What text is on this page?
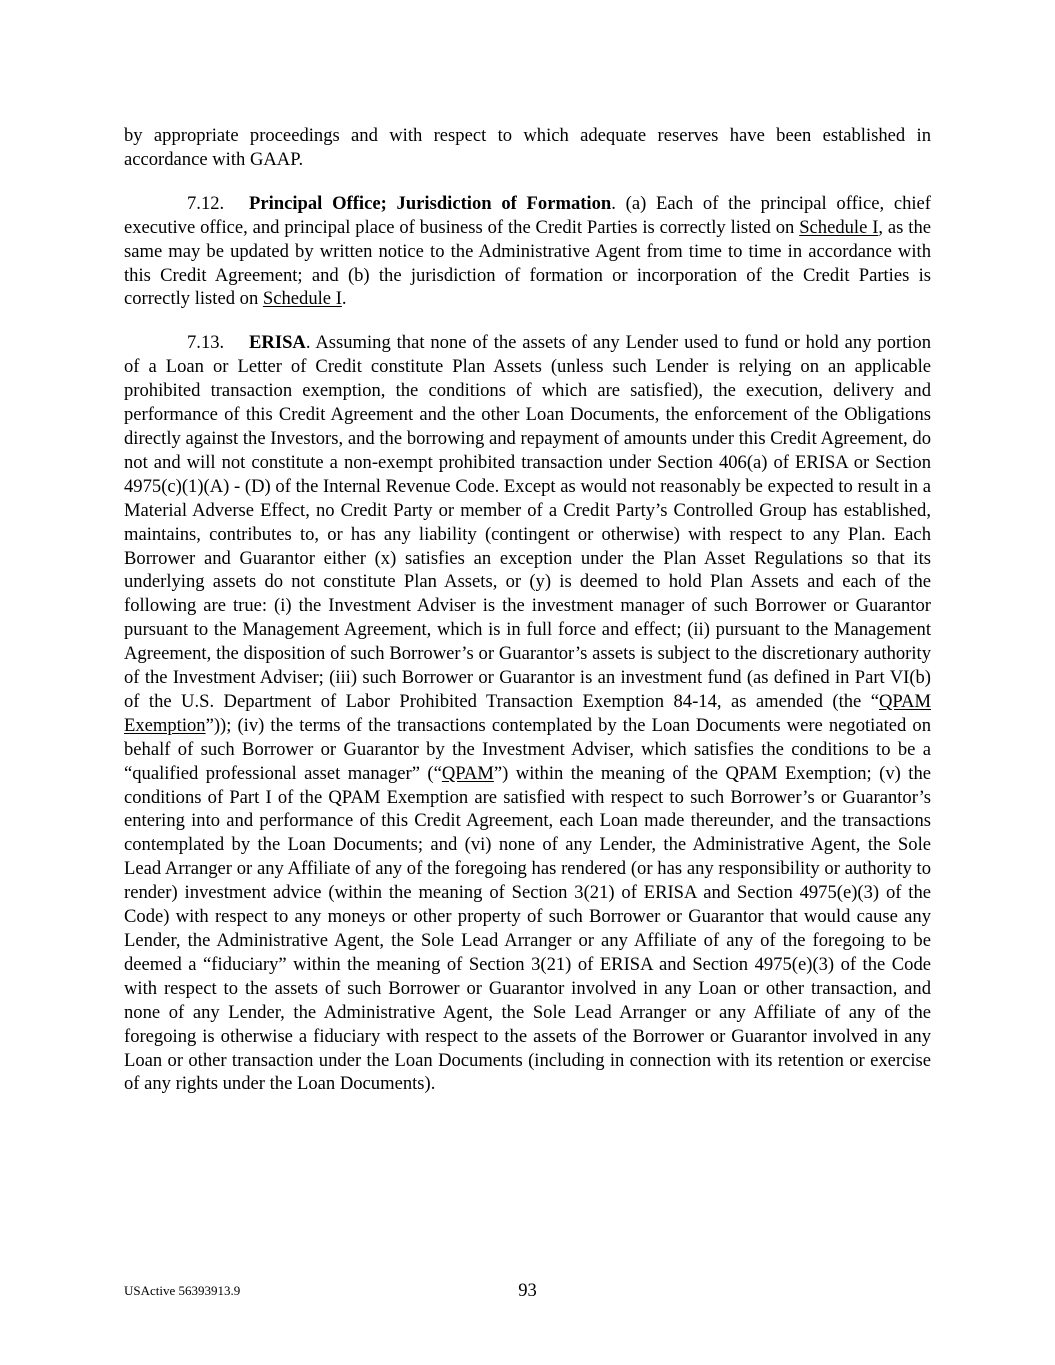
by appropriate proceedings and with respect to which adequate reserves have been established in accordance with GAAP.

7.12. Principal Office; Jurisdiction of Formation. (a) Each of the principal office, chief executive office, and principal place of business of the Credit Parties is correctly listed on Schedule I, as the same may be updated by written notice to the Administrative Agent from time to time in accordance with this Credit Agreement; and (b) the jurisdiction of formation or incorporation of the Credit Parties is correctly listed on Schedule I.

7.13. ERISA. Assuming that none of the assets of any Lender used to fund or hold any portion of a Loan or Letter of Credit constitute Plan Assets (unless such Lender is relying on an applicable prohibited transaction exemption, the conditions of which are satisfied), the execution, delivery and performance of this Credit Agreement and the other Loan Documents, the enforcement of the Obligations directly against the Investors, and the borrowing and repayment of amounts under this Credit Agreement, do not and will not constitute a non-exempt prohibited transaction under Section 406(a) of ERISA or Section 4975(c)(1)(A) - (D) of the Internal Revenue Code. Except as would not reasonably be expected to result in a Material Adverse Effect, no Credit Party or member of a Credit Party’s Controlled Group has established, maintains, contributes to, or has any liability (contingent or otherwise) with respect to any Plan. Each Borrower and Guarantor either (x) satisfies an exception under the Plan Asset Regulations so that its underlying assets do not constitute Plan Assets, or (y) is deemed to hold Plan Assets and each of the following are true: (i) the Investment Adviser is the investment manager of such Borrower or Guarantor pursuant to the Management Agreement, which is in full force and effect; (ii) pursuant to the Management Agreement, the disposition of such Borrower’s or Guarantor’s assets is subject to the discretionary authority of the Investment Adviser; (iii) such Borrower or Guarantor is an investment fund (as defined in Part VI(b) of the U.S. Department of Labor Prohibited Transaction Exemption 84-14, as amended (the “QPAM Exemption”)); (iv) the terms of the transactions contemplated by the Loan Documents were negotiated on behalf of such Borrower or Guarantor by the Investment Adviser, which satisfies the conditions to be a “qualified professional asset manager” (“QPAM”) within the meaning of the QPAM Exemption; (v) the conditions of Part I of the QPAM Exemption are satisfied with respect to such Borrower’s or Guarantor’s entering into and performance of this Credit Agreement, each Loan made thereunder, and the transactions contemplated by the Loan Documents; and (vi) none of any Lender, the Administrative Agent, the Sole Lead Arranger or any Affiliate of any of the foregoing has rendered (or has any responsibility or authority to render) investment advice (within the meaning of Section 3(21) of ERISA and Section 4975(e)(3) of the Code) with respect to any moneys or other property of such Borrower or Guarantor that would cause any Lender, the Administrative Agent, the Sole Lead Arranger or any Affiliate of any of the foregoing to be deemed a “fiduciary” within the meaning of Section 3(21) of ERISA and Section 4975(e)(3) of the Code with respect to the assets of such Borrower or Guarantor involved in any Loan or other transaction, and none of any Lender, the Administrative Agent, the Sole Lead Arranger or any Affiliate of any of the foregoing is otherwise a fiduciary with respect to the assets of the Borrower or Guarantor involved in any Loan or other transaction under the Loan Documents (including in connection with its retention or exercise of any rights under the Loan Documents).

USActive 56393913.9	93
